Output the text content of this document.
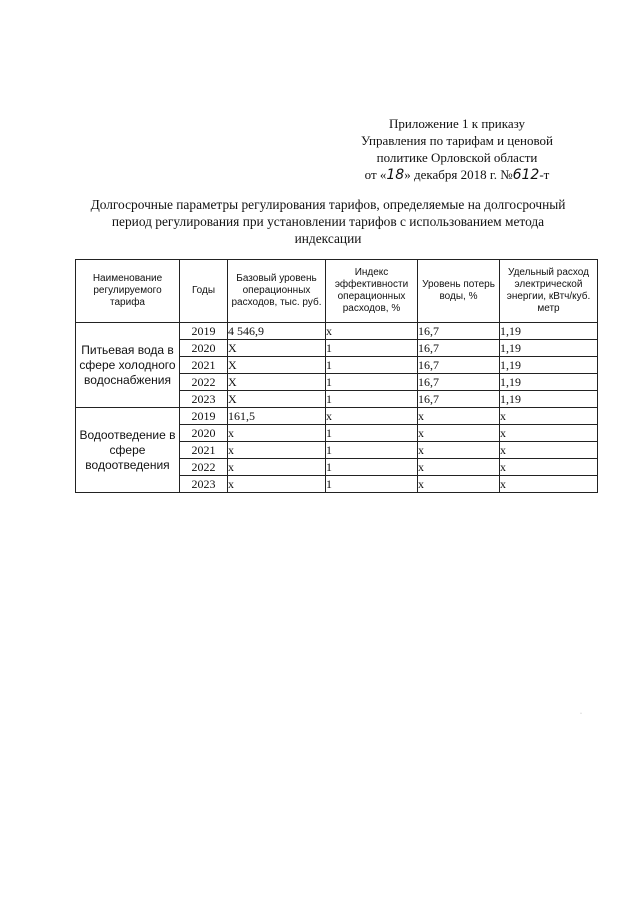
Приложение 1 к приказу
Управления по тарифам и ценовой
политике Орловской области
от «18» декабря 2018 г. №612-т
Долгосрочные параметры регулирования тарифов, определяемые на долгосрочный
период регулирования при установлении тарифов с использованием метода
индексации
Наименование регулируемого тарифа	Годы	Базовый уровень операционных расходов, тыс. руб.	Индекс эффективности операционных расходов, %	Уровень потерь воды, %	Удельный расход электрической энергии, кВтч/куб. метр
Питьевая вода в сфере холодного водоснабжения	2019	4 546,9	х	16,7	1,19
	2020	Х	1	16,7	1,19
	2021	Х	1	16,7	1,19
	2022	Х	1	16,7	1,19
	2023	Х	1	16,7	1,19
Водоотведение в сфере водоотведения	2019	161,5	х	х	х
	2020	х	1	х	х
	2021	х	1	х	х
	2022	х	1	х	х
	2023	х	1	х	х
·
